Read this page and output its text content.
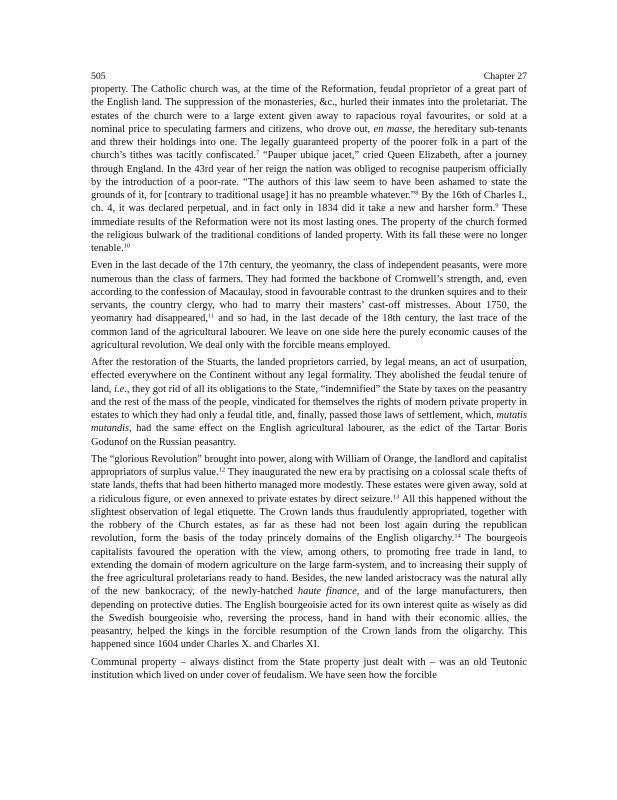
505	Chapter 27

property. The Catholic church was, at the time of the Reformation, feudal proprietor of a great part of the English land. The suppression of the monasteries, &c., hurled their inmates into the proletariat. The estates of the church were to a large extent given away to rapacious royal favourites, or sold at a nominal price to speculating farmers and citizens, who drove out, en masse, the hereditary sub-tenants and threw their holdings into one. The legally guaranteed property of the poorer folk in a part of the church’s tithes was tacitly confiscated.$^7$ “Pauper ubique jacet,” cried Queen Elizabeth, after a journey through England. In the 43rd year of her reign the nation was obliged to recognise pauperism officially by the introduction of a poor-rate. “The authors of this law seem to have been ashamed to state the grounds of it, for [contrary to traditional usage] it has no preamble whatever.”$^8$ By the 16th of Charles I., ch. 4, it was declared perpetual, and in fact only in 1834 did it take a new and harsher form.$^9$ These immediate results of the Reformation were not its most lasting ones. The property of the church formed the religious bulwark of the traditional conditions of landed property. With its fall these were no longer tenable.$^{10}$

Even in the last decade of the 17th century, the yeomanry, the class of independent peasants, were more numerous than the class of farmers. They had formed the backbone of Cromwell’s strength, and, even according to the confession of Macaulay, stood in favourable contrast to the drunken squires and to their servants, the country clergy, who had to marry their masters’ cast-off mistresses. About 1750, the yeomanry had disappeared,$^{11}$ and so had, in the last decade of the 18th century, the last trace of the common land of the agricultural labourer. We leave on one side here the purely economic causes of the agricultural revolution. We deal only with the forcible means employed.

After the restoration of the Stuarts, the landed proprietors carried, by legal means, an act of usurpation, effected everywhere on the Continent without any legal formality. They abolished the feudal tenure of land, i.e., they got rid of all its obligations to the State, “indemnified” the State by taxes on the peasantry and the rest of the mass of the people, vindicated for themselves the rights of modern private property in estates to which they had only a feudal title, and, finally, passed those laws of settlement, which, mutatis mutandis, had the same effect on the English agricultural labourer, as the edict of the Tartar Boris Godunof on the Russian peasantry.

The “glorious Revolution” brought into power, along with William of Orange, the landlord and capitalist appropriators of surplus value.$^{12}$ They inaugurated the new era by practising on a colossal scale thefts of state lands, thefts that had been hitherto managed more modestly. These estates were given away, sold at a ridiculous figure, or even annexed to private estates by direct seizure.$^{13}$ All this happened without the slightest observation of legal etiquette. The Crown lands thus fraudulently appropriated, together with the robbery of the Church estates, as far as these had not been lost again during the republican revolution, form the basis of the today princely domains of the English oligarchy.$^{14}$ The bourgeois capitalists favoured the operation with the view, among others, to promoting free trade in land, to extending the domain of modern agriculture on the large farm-system, and to increasing their supply of the free agricultural proletarians ready to hand. Besides, the new landed aristocracy was the natural ally of the new bankocracy, of the newly-hatched haute finance, and of the large manufacturers, then depending on protective duties. The English bourgeoisie acted for its own interest quite as wisely as did the Swedish bourgeoisie who, reversing the process, hand in hand with their economic allies, the peasantry, helped the kings in the forcible resumption of the Crown lands from the oligarchy. This happened since 1604 under Charles X. and Charles XI.

Communal property – always distinct from the State property just dealt with – was an old Teutonic institution which lived on under cover of feudalism. We have seen how the forcible
